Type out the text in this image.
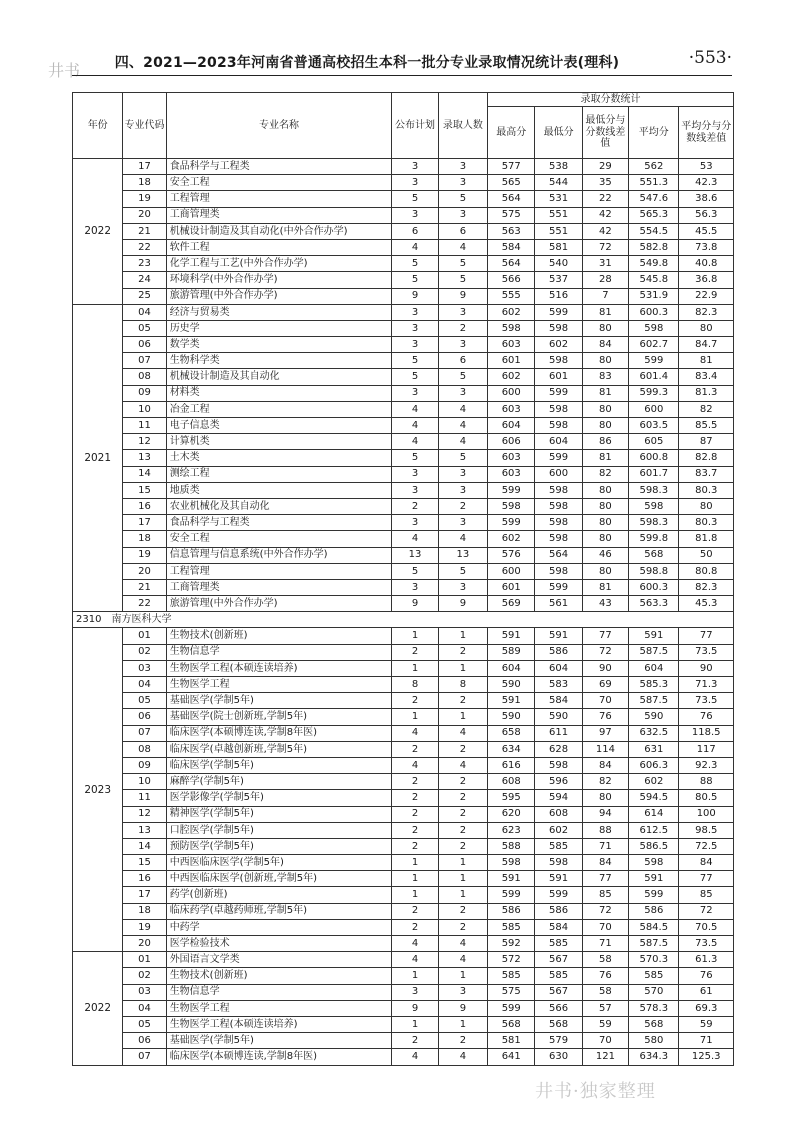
井书	四、2021—2023年河南省普通高校招生本科一批分专业录取情况统计表(理科)	·553·
年份	专业代码	专业名称	公布计划	录取人数	录取分数统计				
					最高分	最低分	最低分与分数线差值	平均分	平均分与分数线差值
2022	17	食品科学与工程类	3	3	577	538	29	562	53
	18	安全工程	3	3	565	544	35	551.3	42.3
	19	工程管理	5	5	564	531	22	547.6	38.6
	20	工商管理类	3	3	575	551	42	565.3	56.3
	21	机械设计制造及其自动化(中外合作办学)	6	6	563	551	42	554.5	45.5
	22	软件工程	4	4	584	581	72	582.8	73.8
	23	化学工程与工艺(中外合作办学)	5	5	564	540	31	549.8	40.8
	24	环境科学(中外合作办学)	5	5	566	537	28	545.8	36.8
	25	旅游管理(中外合作办学)	9	9	555	516	7	531.9	22.9
2021	04	经济与贸易类	3	3	602	599	81	600.3	82.3
	05	历史学	3	2	598	598	80	598	80
	06	数学类	3	3	603	602	84	602.7	84.7
	07	生物科学类	5	6	601	598	80	599	81
	08	机械设计制造及其自动化	5	5	602	601	83	601.4	83.4
	09	材料类	3	3	600	599	81	599.3	81.3
	10	冶金工程	4	4	603	598	80	600	82
	11	电子信息类	4	4	604	598	80	603.5	85.5
	12	计算机类	4	4	606	604	86	605	87
	13	土木类	5	5	603	599	81	600.8	82.8
	14	测绘工程	3	3	603	600	82	601.7	83.7
	15	地质类	3	3	599	598	80	598.3	80.3
	16	农业机械化及其自动化	2	2	598	598	80	598	80
	17	食品科学与工程类	3	3	599	598	80	598.3	80.3
	18	安全工程	4	4	602	598	80	599.8	81.8
	19	信息管理与信息系统(中外合作办学)	13	13	576	564	46	568	50
	20	工程管理	5	5	600	598	80	598.8	80.8
	21	工商管理类	3	3	601	599	81	600.3	82.3
	22	旅游管理(中外合作办学)	9	9	569	561	43	563.3	45.3
2310　南方医科大学									
2023	01	生物技术(创新班)	1	1	591	591	77	591	77
	02	生物信息学	2	2	589	586	72	587.5	73.5
	03	生物医学工程(本硕连读培养)	1	1	604	604	90	604	90
	04	生物医学工程	8	8	590	583	69	585.3	71.3
	05	基础医学(学制5年)	2	2	591	584	70	587.5	73.5
	06	基础医学(院士创新班,学制5年)	1	1	590	590	76	590	76
	07	临床医学(本硕博连读,学制8年医)	4	4	658	611	97	632.5	118.5
	08	临床医学(卓越创新班,学制5年)	2	2	634	628	114	631	117
	09	临床医学(学制5年)	4	4	616	598	84	606.3	92.3
	10	麻醉学(学制5年)	2	2	608	596	82	602	88
	11	医学影像学(学制5年)	2	2	595	594	80	594.5	80.5
	12	精神医学(学制5年)	2	2	620	608	94	614	100
	13	口腔医学(学制5年)	2	2	623	602	88	612.5	98.5
	14	预防医学(学制5年)	2	2	588	585	71	586.5	72.5
	15	中西医临床医学(学制5年)	1	1	598	598	84	598	84
	16	中西医临床医学(创新班,学制5年)	1	1	591	591	77	591	77
	17	药学(创新班)	1	1	599	599	85	599	85
	18	临床药学(卓越药师班,学制5年)	2	2	586	586	72	586	72
	19	中药学	2	2	585	584	70	584.5	70.5
	20	医学检验技术	4	4	592	585	71	587.5	73.5
2022	01	外国语言文学类	4	4	572	567	58	570.3	61.3
	02	生物技术(创新班)	1	1	585	585	76	585	76
	03	生物信息学	3	3	575	567	58	570	61
	04	生物医学工程	9	9	599	566	57	578.3	69.3
	05	生物医学工程(本硕连读培养)	1	1	568	568	59	568	59
	06	基础医学(学制5年)	2	2	581	579	70	580	71
	07	临床医学(本硕博连读,学制8年医)	4	4	641	630	121	634.3	125.3
井书·独家整理
